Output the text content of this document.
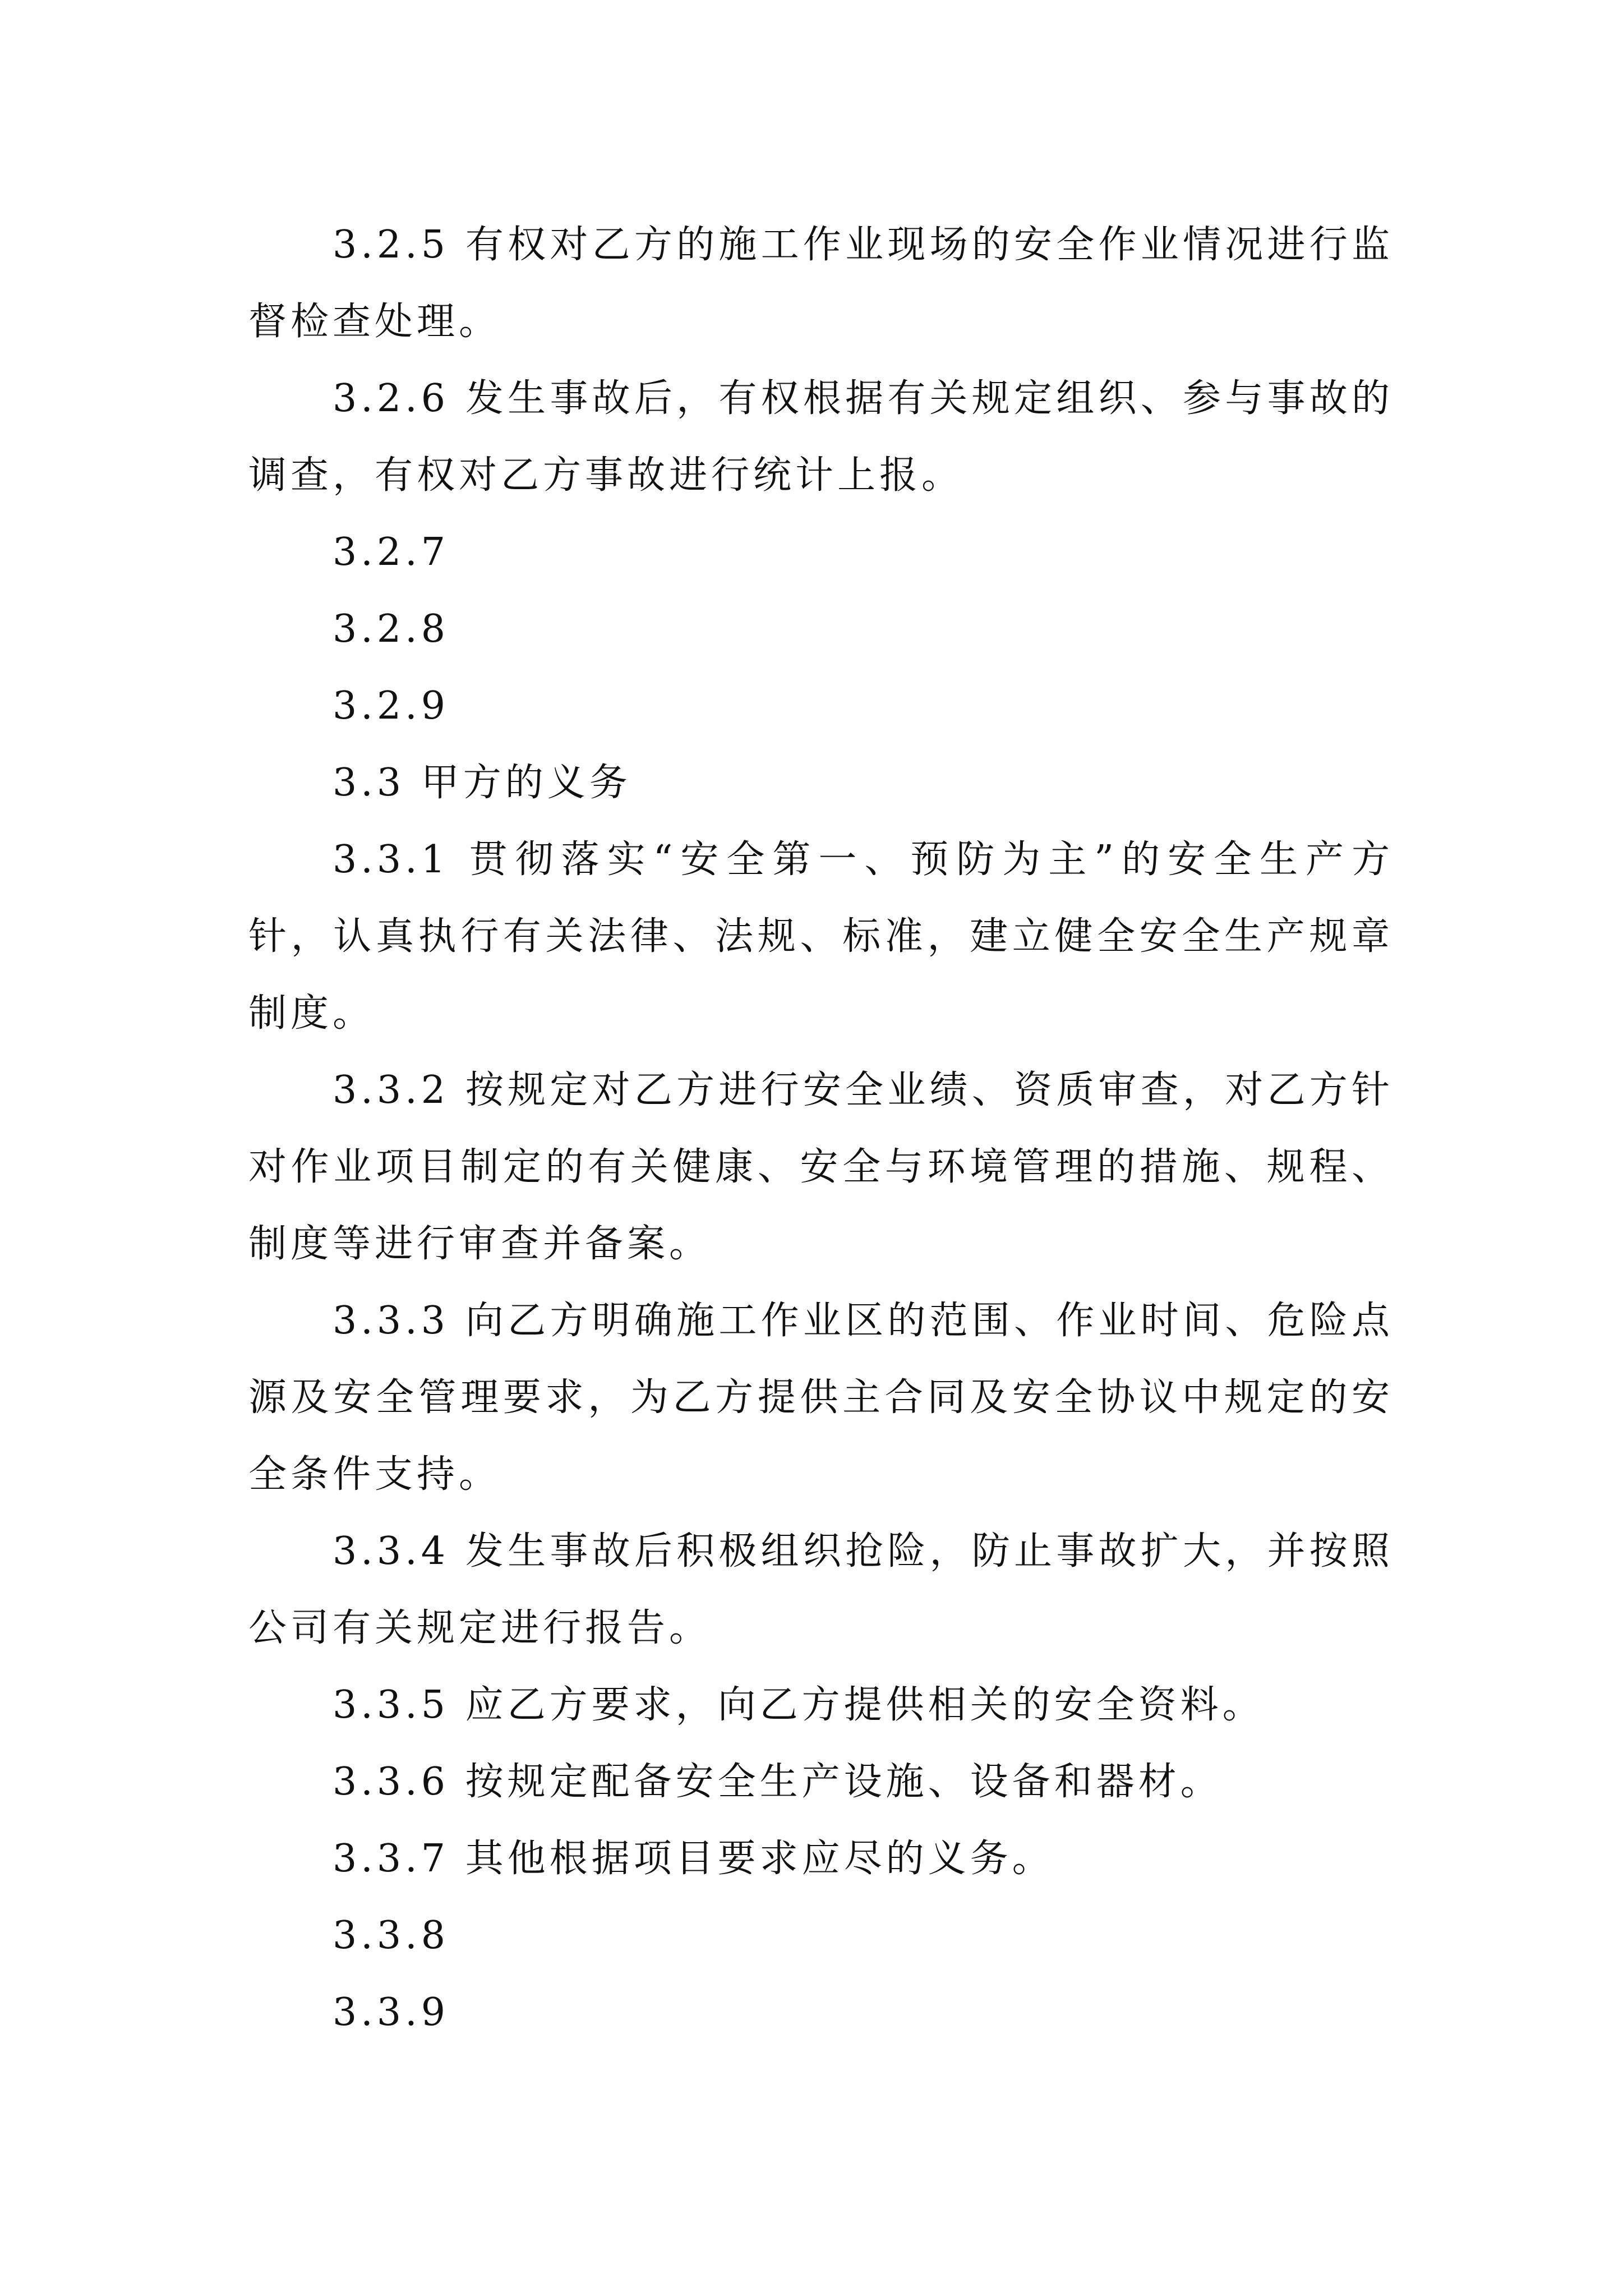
3.2.5 有权对乙方的施工作业现场的安全作业情况进行监督检查处理。

3.2.6 发生事故后，有权根据有关规定组织、参与事故的调查，有权对乙方事故进行统计上报。

3.2.7

3.2.8

3.2.9

3.3 甲方的义务

3.3.1 贯彻落实“安全第一、预防为主”的安全生产方针，认真执行有关法律、法规、标准，建立健全安全生产规章制度。

3.3.2 按规定对乙方进行安全业绩、资质审查，对乙方针对作业项目制定的有关健康、安全与环境管理的措施、规程、制度等进行审查并备案。

3.3.3 向乙方明确施工作业区的范围、作业时间、危险点源及安全管理要求，为乙方提供主合同及安全协议中规定的安全条件支持。

3.3.4 发生事故后积极组织抢险，防止事故扩大，并按照公司有关规定进行报告。

3.3.5 应乙方要求，向乙方提供相关的安全资料。

3.3.6 按规定配备安全生产设施、设备和器材。

3.3.7 其他根据项目要求应尽的义务。

3.3.8

3.3.9
